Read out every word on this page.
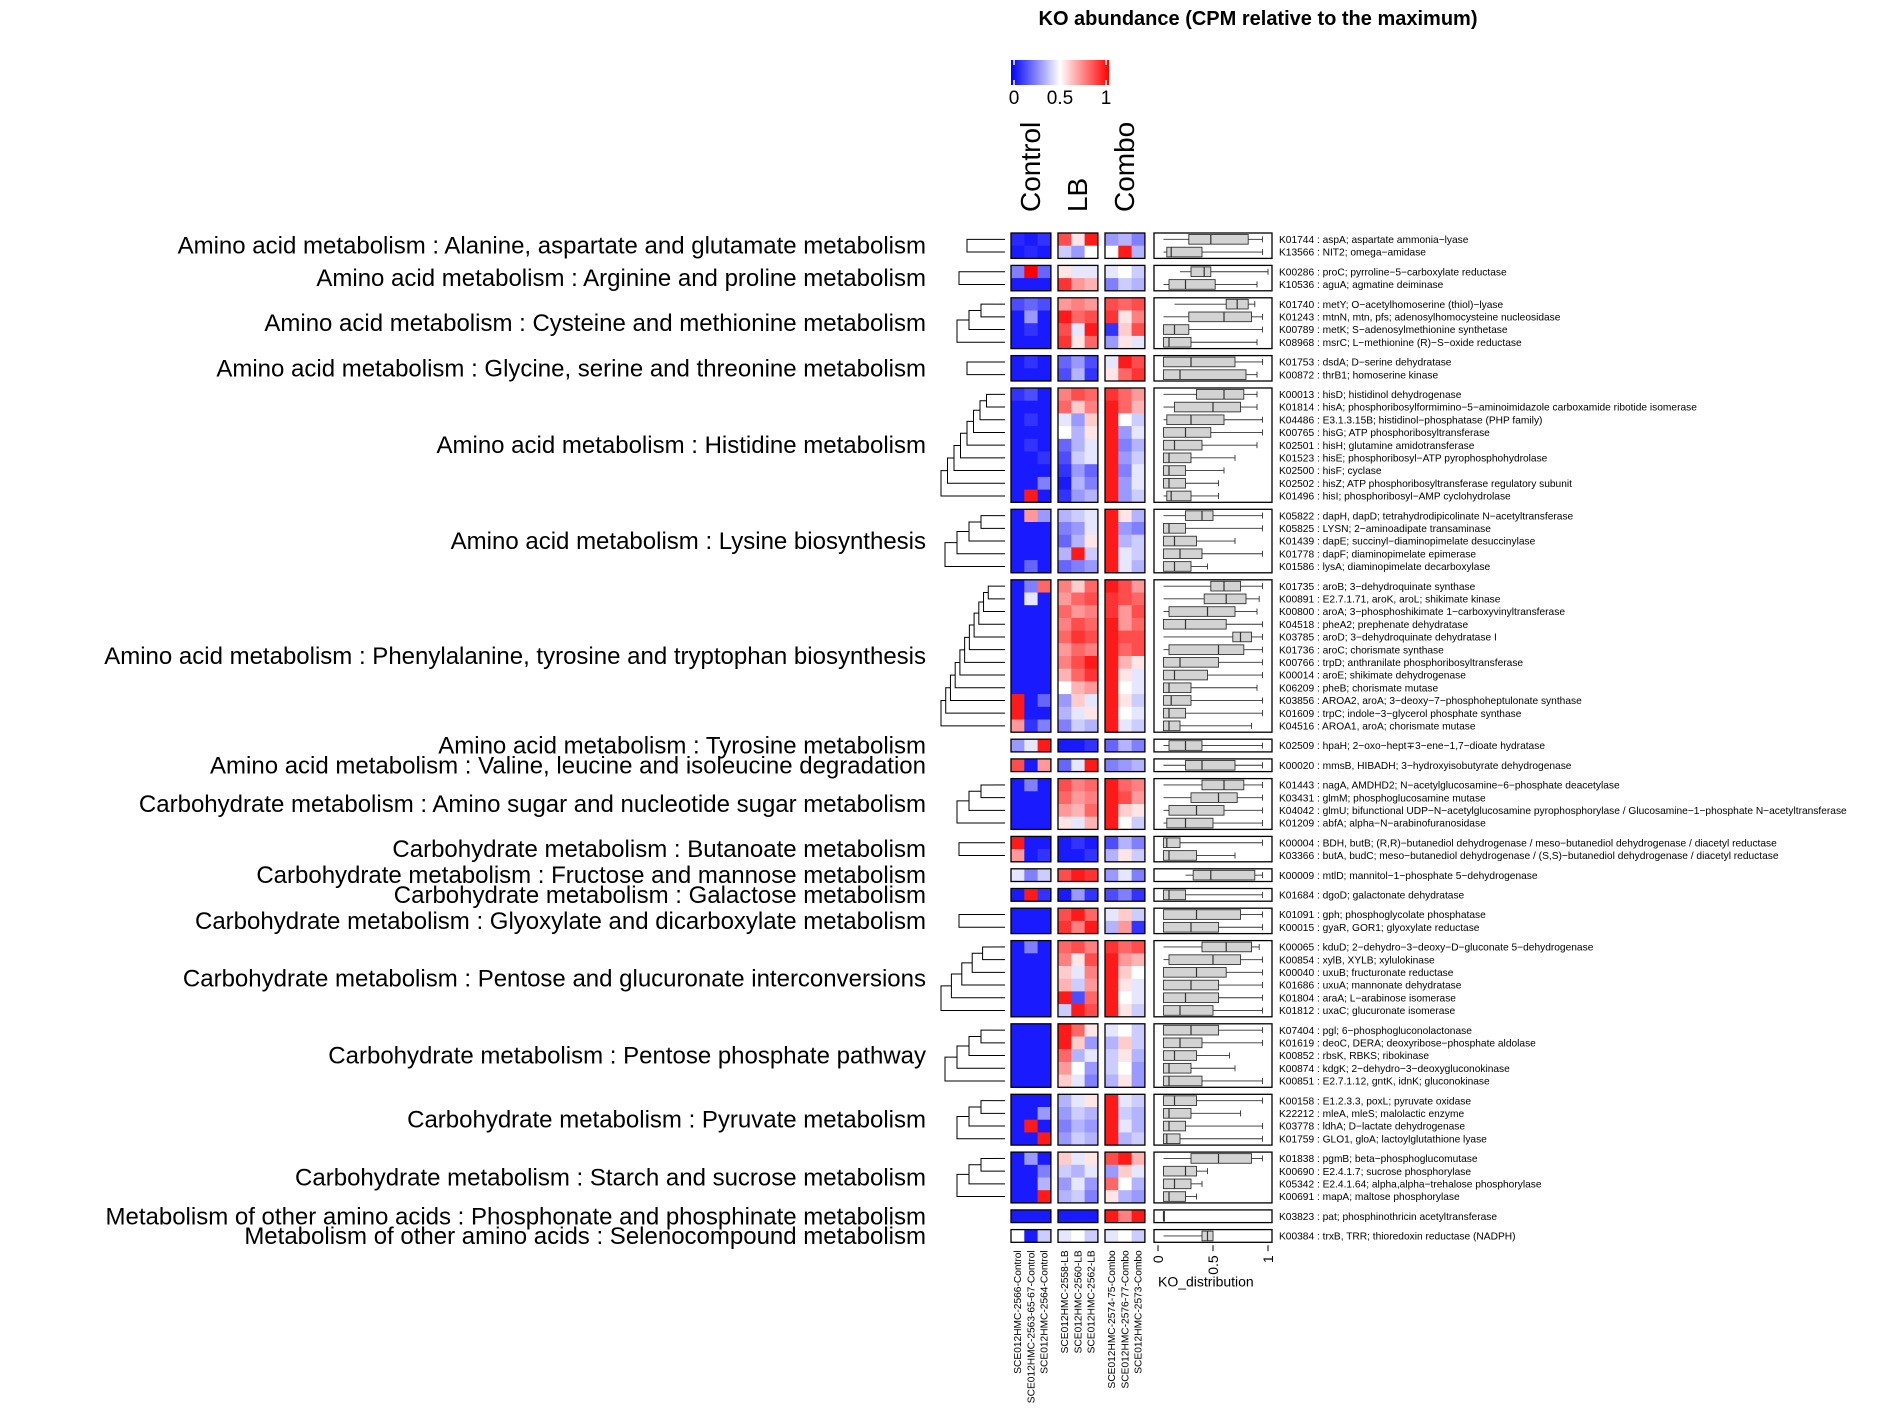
KO abundance (CPM relative to the maximum)
0 0.5 1
Amino acid metabolism : Alanine, aspartate and glutamate metabolism
Amino acid metabolism : Arginine and proline metabolism
Amino acid metabolism : Cysteine and methionine metabolism
Amino acid metabolism : Glycine, serine and threonine metabolism
Amino acid metabolism : Histidine metabolism
Amino acid metabolism : Lysine biosynthesis
Amino acid metabolism : Phenylalanine, tyrosine and tryptophan biosynthesis
Amino acid metabolism : Tyrosine metabolism
Amino acid metabolism : Valine, leucine and isoleucine degradation
Carbohydrate metabolism : Amino sugar and nucleotide sugar metabolism
Carbohydrate metabolism : Butanoate metabolism
Carbohydrate metabolism : Fructose and mannose metabolism
Carbohydrate metabolism : Galactose metabolism
Carbohydrate metabolism : Glyoxylate and dicarboxylate metabolism
Carbohydrate metabolism : Pentose and glucuronate interconversions
Carbohydrate metabolism : Pentose phosphate pathway
Carbohydrate metabolism : Pyruvate metabolism
Carbohydrate metabolism : Starch and sucrose metabolism
Metabolism of other amino acids : Phosphonate and phosphinate metabolism
Metabolism of other amino acids : Selenocompound metabolism
K01744 : aspA; aspartate ammonia−lyase
K13566 : NIT2; omega−amidase
K00286 : proC; pyrroline−5−carboxylate reductase
K10536 : aguA; agmatine deiminase
K01740 : metY; O−acetylhomoserine (thiol)−lyase
K01243 : mtnN, mtn, pfs; adenosylhomocysteine nucleosidase
K00789 : metK; S−adenosylmethionine synthetase
K08968 : msrC; L−methionine (R)−S−oxide reductase
K01753 : dsdA; D−serine dehydratase
K00872 : thrB1; homoserine kinase
K00013 : hisD; histidinol dehydrogenase
K01814 : hisA; phosphoribosylformimino−5−aminoimidazole carboxamide ribotide isomerase
K04486 : E3.1.3.15B; histidinol−phosphatase (PHP family)
K00765 : hisG; ATP phosphoribosyltransferase
K02501 : hisH; glutamine amidotransferase
K01523 : hisE; phosphoribosyl−ATP pyrophosphohydrolase
K02500 : hisF; cyclase
K02502 : hisZ; ATP phosphoribosyltransferase regulatory subunit
K01496 : hisI; phosphoribosyl−AMP cyclohydrolase
K05822 : dapH, dapD; tetrahydrodipicolinate N−acetyltransferase
K05825 : LYSN; 2−aminoadipate transaminase
K01439 : dapE; succinyl−diaminopimelate desuccinylase
K01778 : dapF; diaminopimelate epimerase
K01586 : lysA; diaminopimelate decarboxylase
K01735 : aroB; 3−dehydroquinate synthase
K00891 : E2.7.1.71, aroK, aroL; shikimate kinase
K00800 : aroA; 3−phosphoshikimate 1−carboxyvinyltransferase
K04518 : pheA2; prephenate dehydratase
K03785 : aroD; 3−dehydroquinate dehydratase I
K01736 : aroC; chorismate synthase
K00766 : trpD; anthranilate phosphoribosyltransferase
K00014 : aroE; shikimate dehydrogenase
K06209 : pheB; chorismate mutase
K03856 : AROA2, aroA; 3−deoxy−7−phosphoheptulonate synthase
K01609 : trpC; indole−3−glycerol phosphate synthase
K04516 : AROA1, aroA; chorismate mutase
K02509 : hpaH; 2−oxo−hept∓3−ene−1,7−dioate hydratase
K00020 : mmsB, HIBADH; 3−hydroxyisobutyrate dehydrogenase
K01443 : nagA, AMDHD2; N−acetylglucosamine−6−phosphate deacetylase
K03431 : glmM; phosphoglucosamine mutase
K04042 : glmU; bifunctional UDP−N−acetylglucosamine pyrophosphorylase / Glucosamine−1−phosphate N−acetyltransferase
K01209 : abfA; alpha−N−arabinofuranosidase
K00004 : BDH, butB; (R,R)−butanediol dehydrogenase / meso−butanediol dehydrogenase / diacetyl reductase
K03366 : butA, budC; meso−butanediol dehydrogenase / (S,S)−butanediol dehydrogenase / diacetyl reductase
K00009 : mtlD; mannitol−1−phosphate 5−dehydrogenase
K01684 : dgoD; galactonate dehydratase
K01091 : gph; phosphoglycolate phosphatase
K00015 : gyaR, GOR1; glyoxylate reductase
K00065 : kduD; 2−dehydro−3−deoxy−D−gluconate 5−dehydrogenase
K00854 : xylB, XYLB; xylulokinase
K00040 : uxuB; fructuronate reductase
K01686 : uxuA; mannonate dehydratase
K01804 : araA; L−arabinose isomerase
K01812 : uxaC; glucuronate isomerase
K07404 : pgl; 6−phosphogluconolactonase
K01619 : deoC, DERA; deoxyribose−phosphate aldolase
K00852 : rbsK, RBKS; ribokinase
K00874 : kdgK; 2−dehydro−3−deoxygluconokinase
K00851 : E2.7.1.12, gntK, idnK; gluconokinase
K00158 : E1.2.3.3, poxL; pyruvate oxidase
K22212 : mleA, mleS; malolactic enzyme
K03778 : ldhA; D−lactate dehydrogenase
K01759 : GLO1, gloA; lactoylglutathione lyase
K01838 : pgmB; beta−phosphoglucomutase
K00690 : E2.4.1.7; sucrose phosphorylase
K05342 : E2.4.1.64; alpha,alpha−trehalose phosphorylase
K00691 : mapA; maltose phosphorylase
K03823 : pat; phosphinothricin acetyltransferase
K00384 : trxB, TRR; thioredoxin reductase (NADPH)
Control LB Combo
SCE012HMC-2566-Control SCE012HMC-2563-65-67-Control SCE012HMC-2564-Control SCE012HMC-2558-LB SCE012HMC-2560-LB SCE012HMC-2562-LB SCE012HMC-2574-75-Combo SCE012HMC-2576-77-Combo SCE012HMC-2573-Combo 0	0.5	1
KO_distribution
